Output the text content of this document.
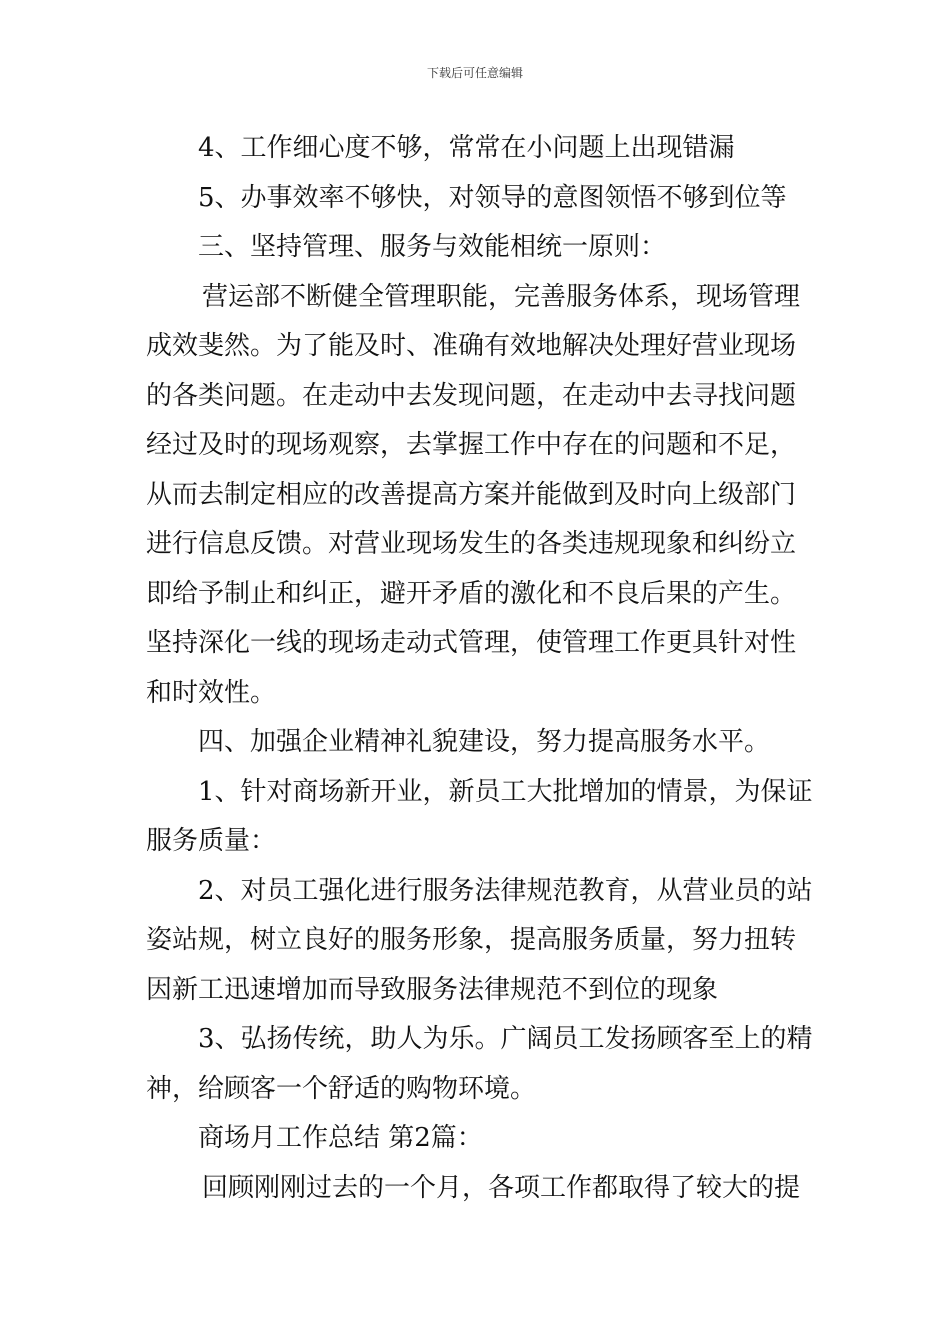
下载后可任意编辑

4、工作细心度不够，常常在小问题上出现错漏

5、办事效率不够快，对领导的意图领悟不够到位等

三、坚持管理、服务与效能相统一原则：

营运部不断健全管理职能，完善服务体系，现场管理

成效斐然。为了能及时、准确有效地解决处理好营业现场

的各类问题。在走动中去发现问题，在走动中去寻找问题

经过及时的现场观察，去掌握工作中存在的问题和不足，

从而去制定相应的改善提高方案并能做到及时向上级部门

进行信息反馈。对营业现场发生的各类违规现象和纠纷立

即给予制止和纠正，避开矛盾的激化和不良后果的产生。

坚持深化一线的现场走动式管理，使管理工作更具针对性

和时效性。

四、加强企业精神礼貌建设，努力提高服务水平。

1、针对商场新开业，新员工大批增加的情景，为保证

服务质量：

2、对员工强化进行服务法律规范教育，从营业员的站

姿站规，树立良好的服务形象，提高服务质量，努力扭转

因新工迅速增加而导致服务法律规范不到位的现象

3、弘扬传统，助人为乐。广阔员工发扬顾客至上的精

神，给顾客一个舒适的购物环境。

商场月工作总结 第2篇：

回顾刚刚过去的一个月，各项工作都取得了较大的提
